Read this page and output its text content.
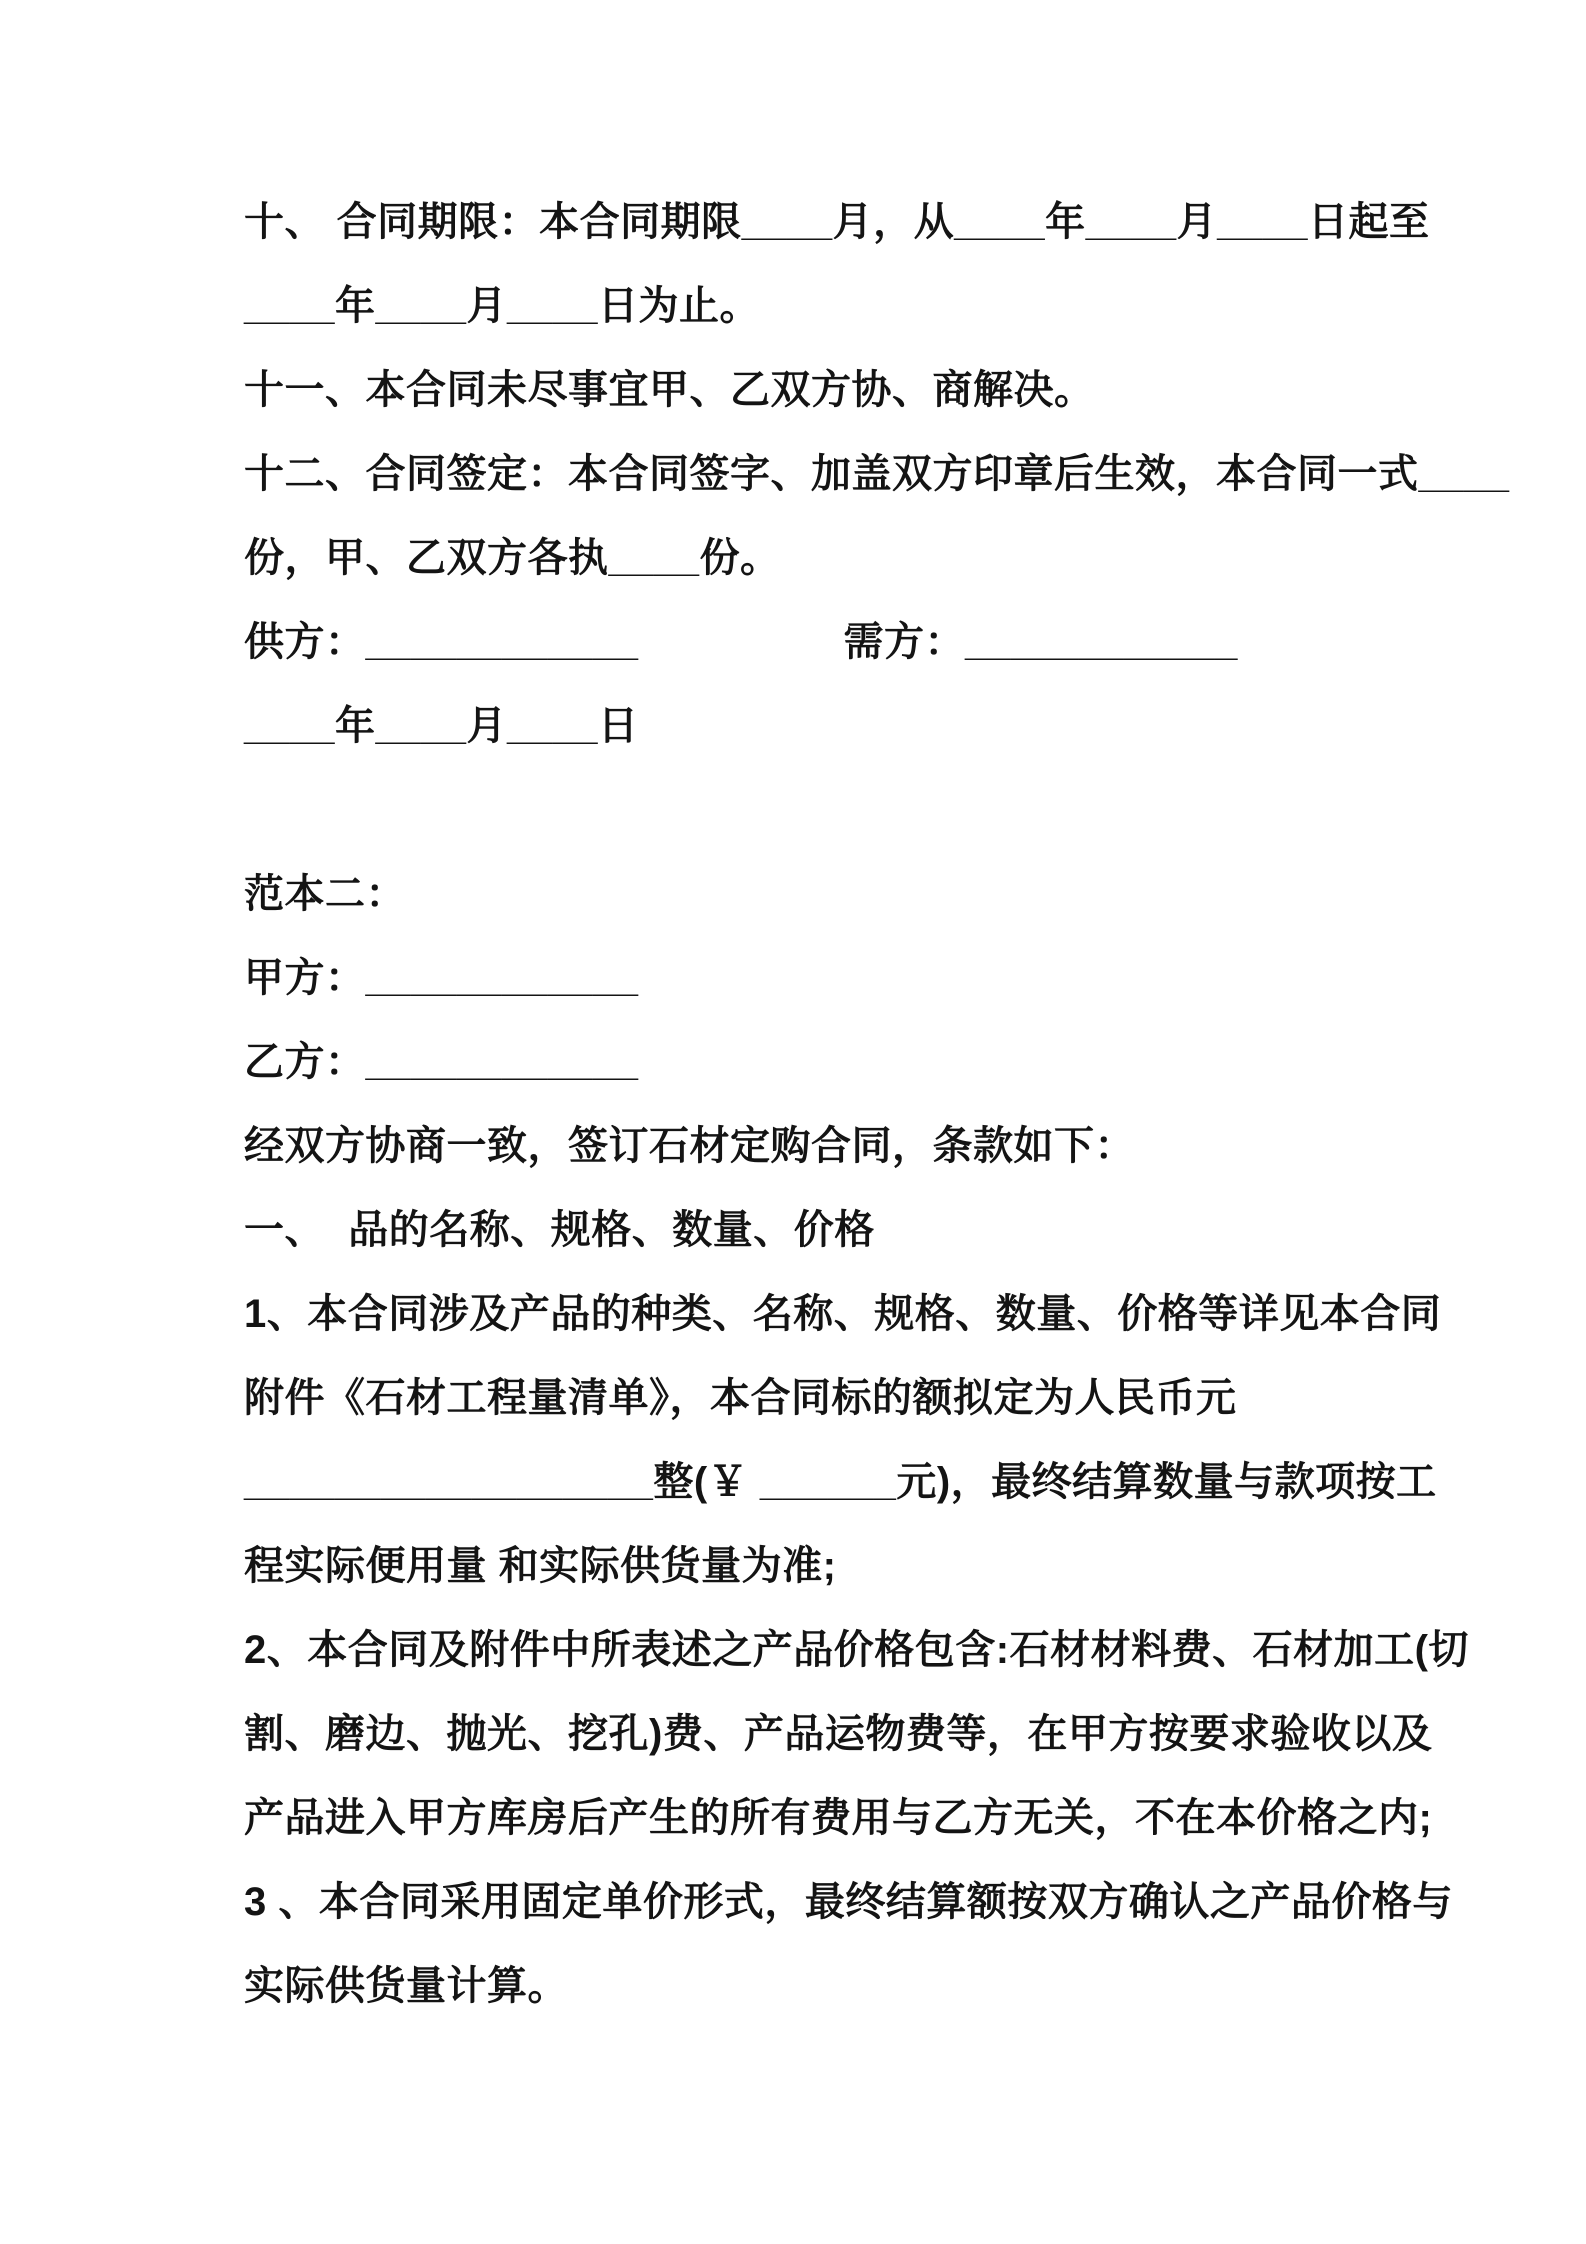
十、 合同期限：本合同期限____月，从____年____月____日起至
____年____月____日为止。
十一、本合同未尽事宜甲、乙双方协、商解决。
十二、合同签定：本合同签字、加盖双方印章后生效，本合同一式____
份，甲、乙双方各执____份。
供方：____________	需方：____________
____年____月____日
范本二：
甲方：____________
乙方：____________
经双方协商一致，签订石材定购合同，条款如下：
一、  品的名称、规格、数量、价格
1、本合同涉及产品的种类、名称、规格、数量、价格等详见本合同
附件《石材工程量清单》，本合同标的额拟定为人民币元
__________________整(￥ ______元)，最终结算数量与款项按工
程实际便用量 和实际供货量为准;
2、本合同及附件中所表述之产品价格包含:石材材料费、石材加工(切
割、磨边、抛光、挖孔)费、产品运物费等，在甲方按要求验收以及
产品进入甲方库房后产生的所有费用与乙方无关，不在本价格之内;
3 、本合同采用固定单价形式，最终结算额按双方确认之产品价格与
实际供货量计算。
